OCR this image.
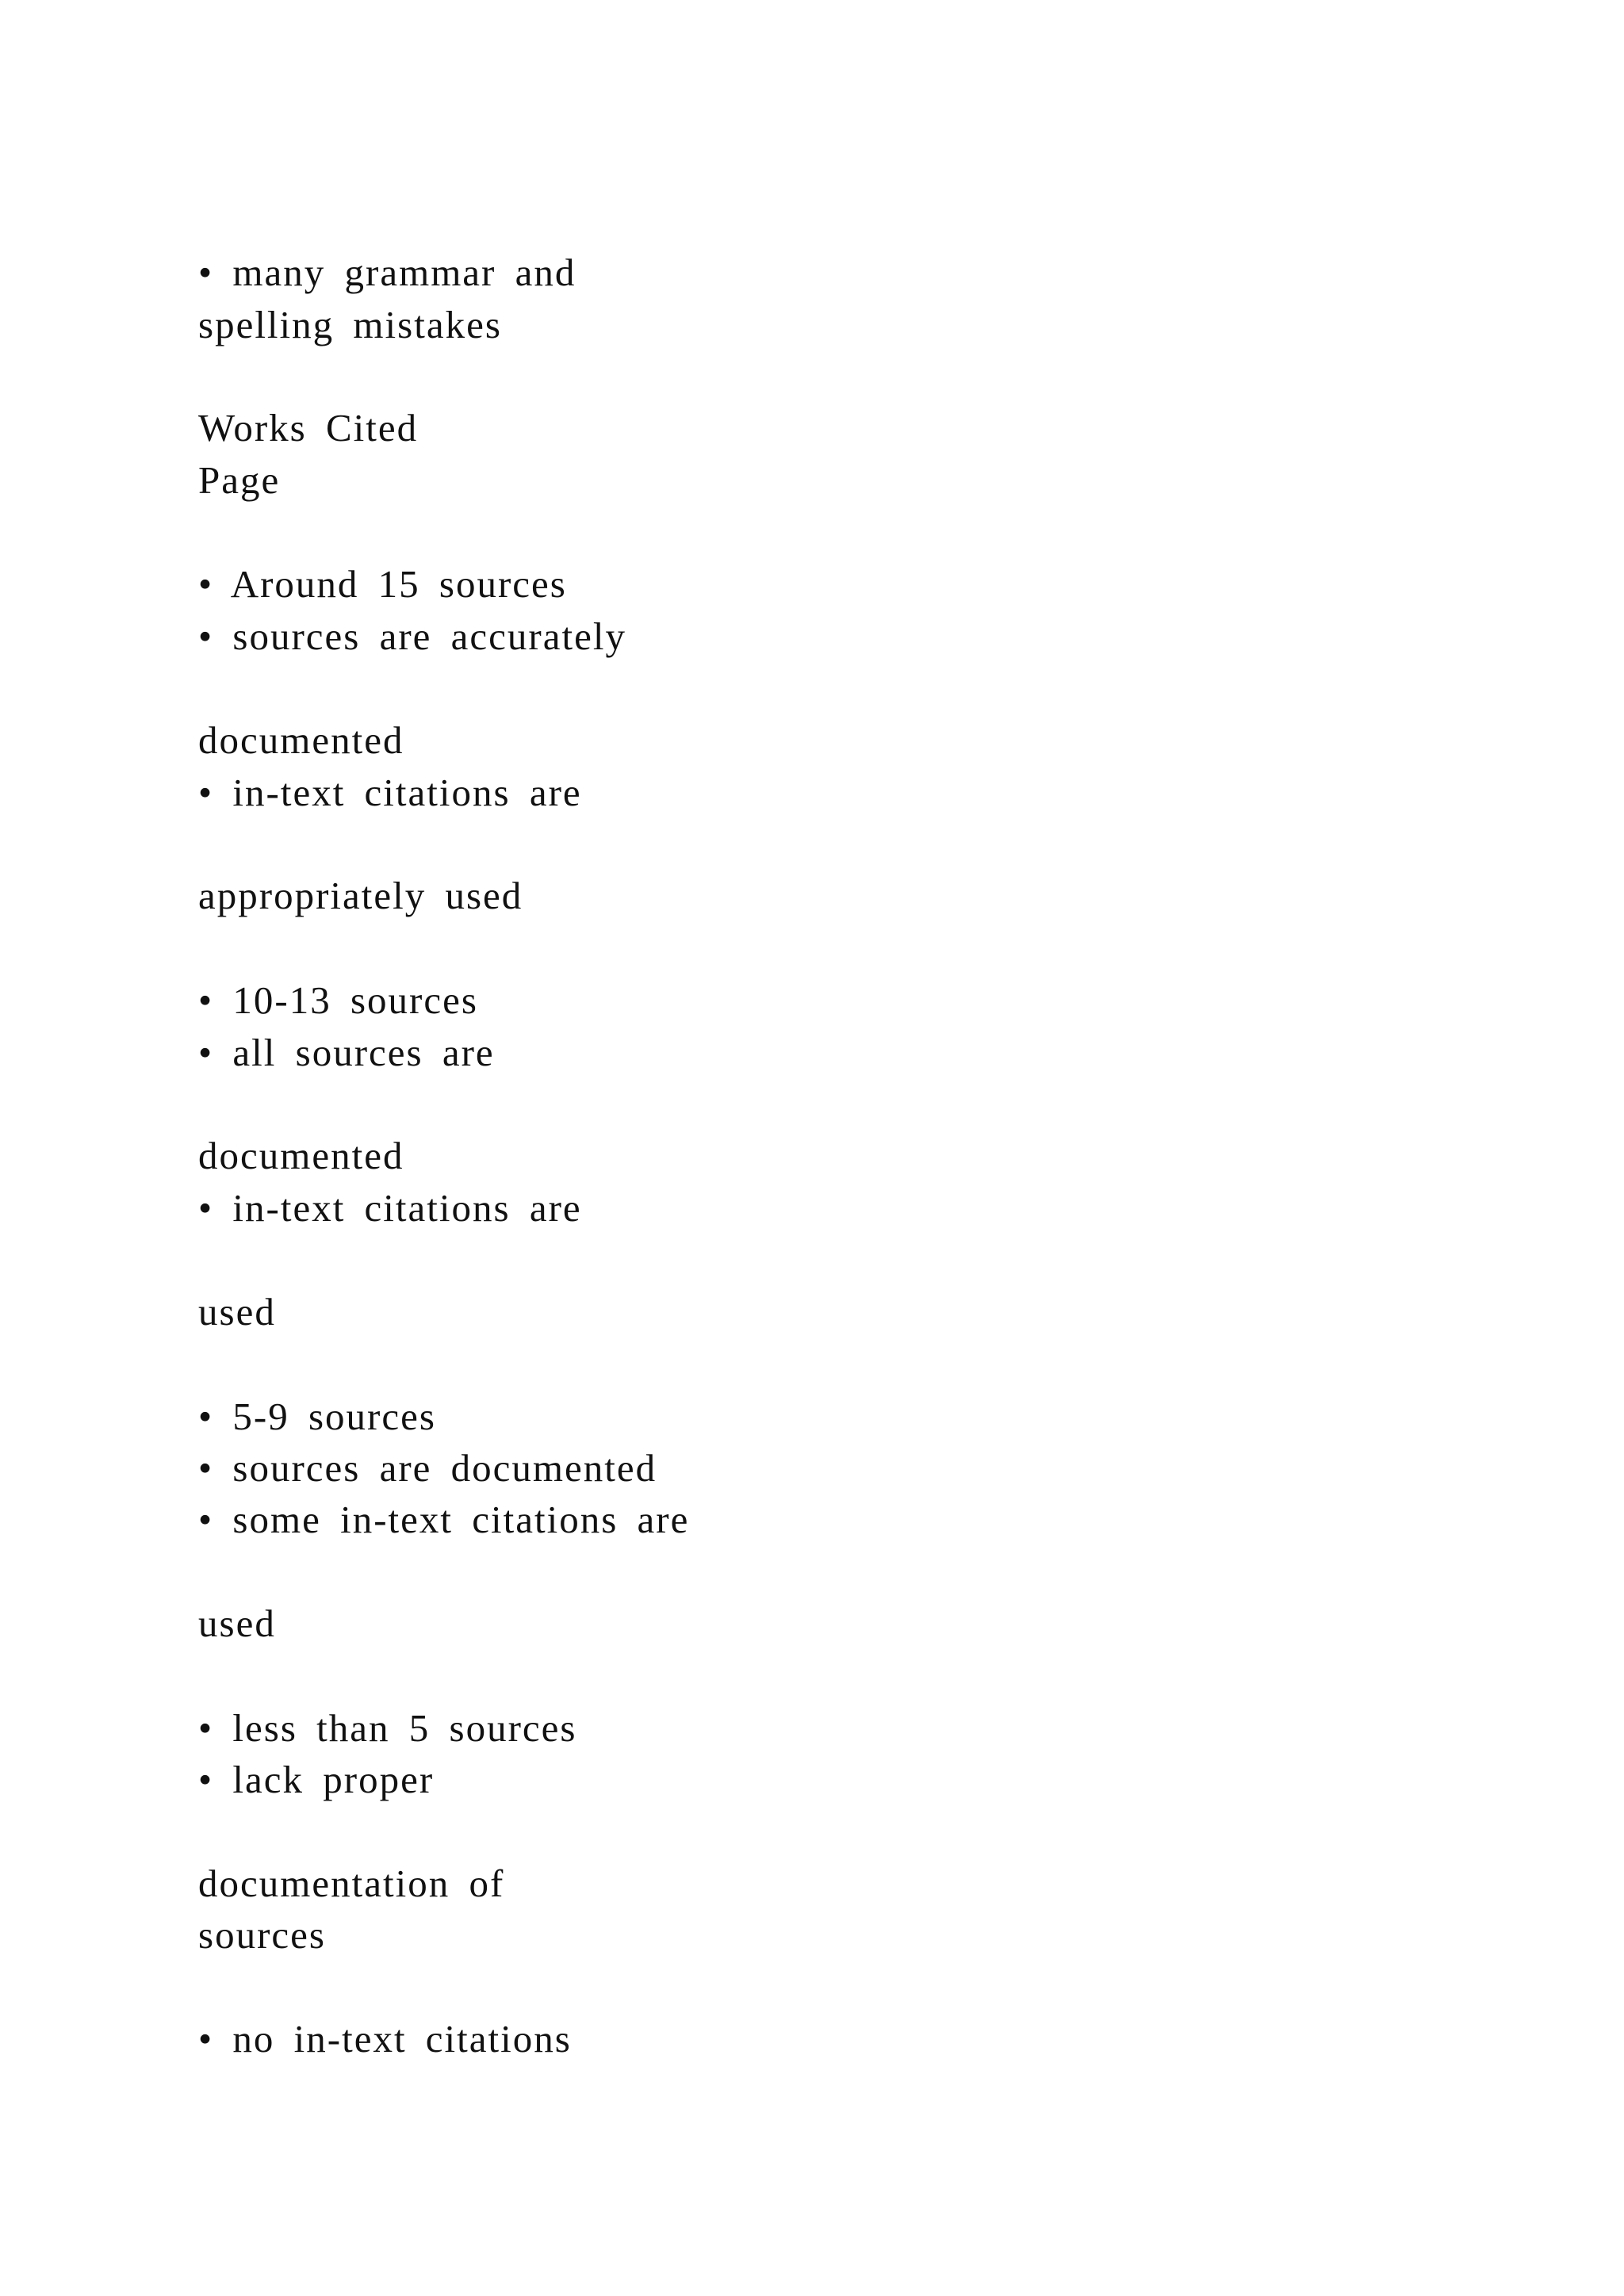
• many grammar and

spelling mistakes

Works Cited

Page

• Around 15 sources

• sources are accurately

documented

• in-text citations are

appropriately used

• 10-13 sources

• all sources are

documented

• in-text citations are

used

• 5-9 sources

• sources are documented

• some in-text citations are

used

• less than 5 sources

• lack proper

documentation of

sources

• no in-text citations
